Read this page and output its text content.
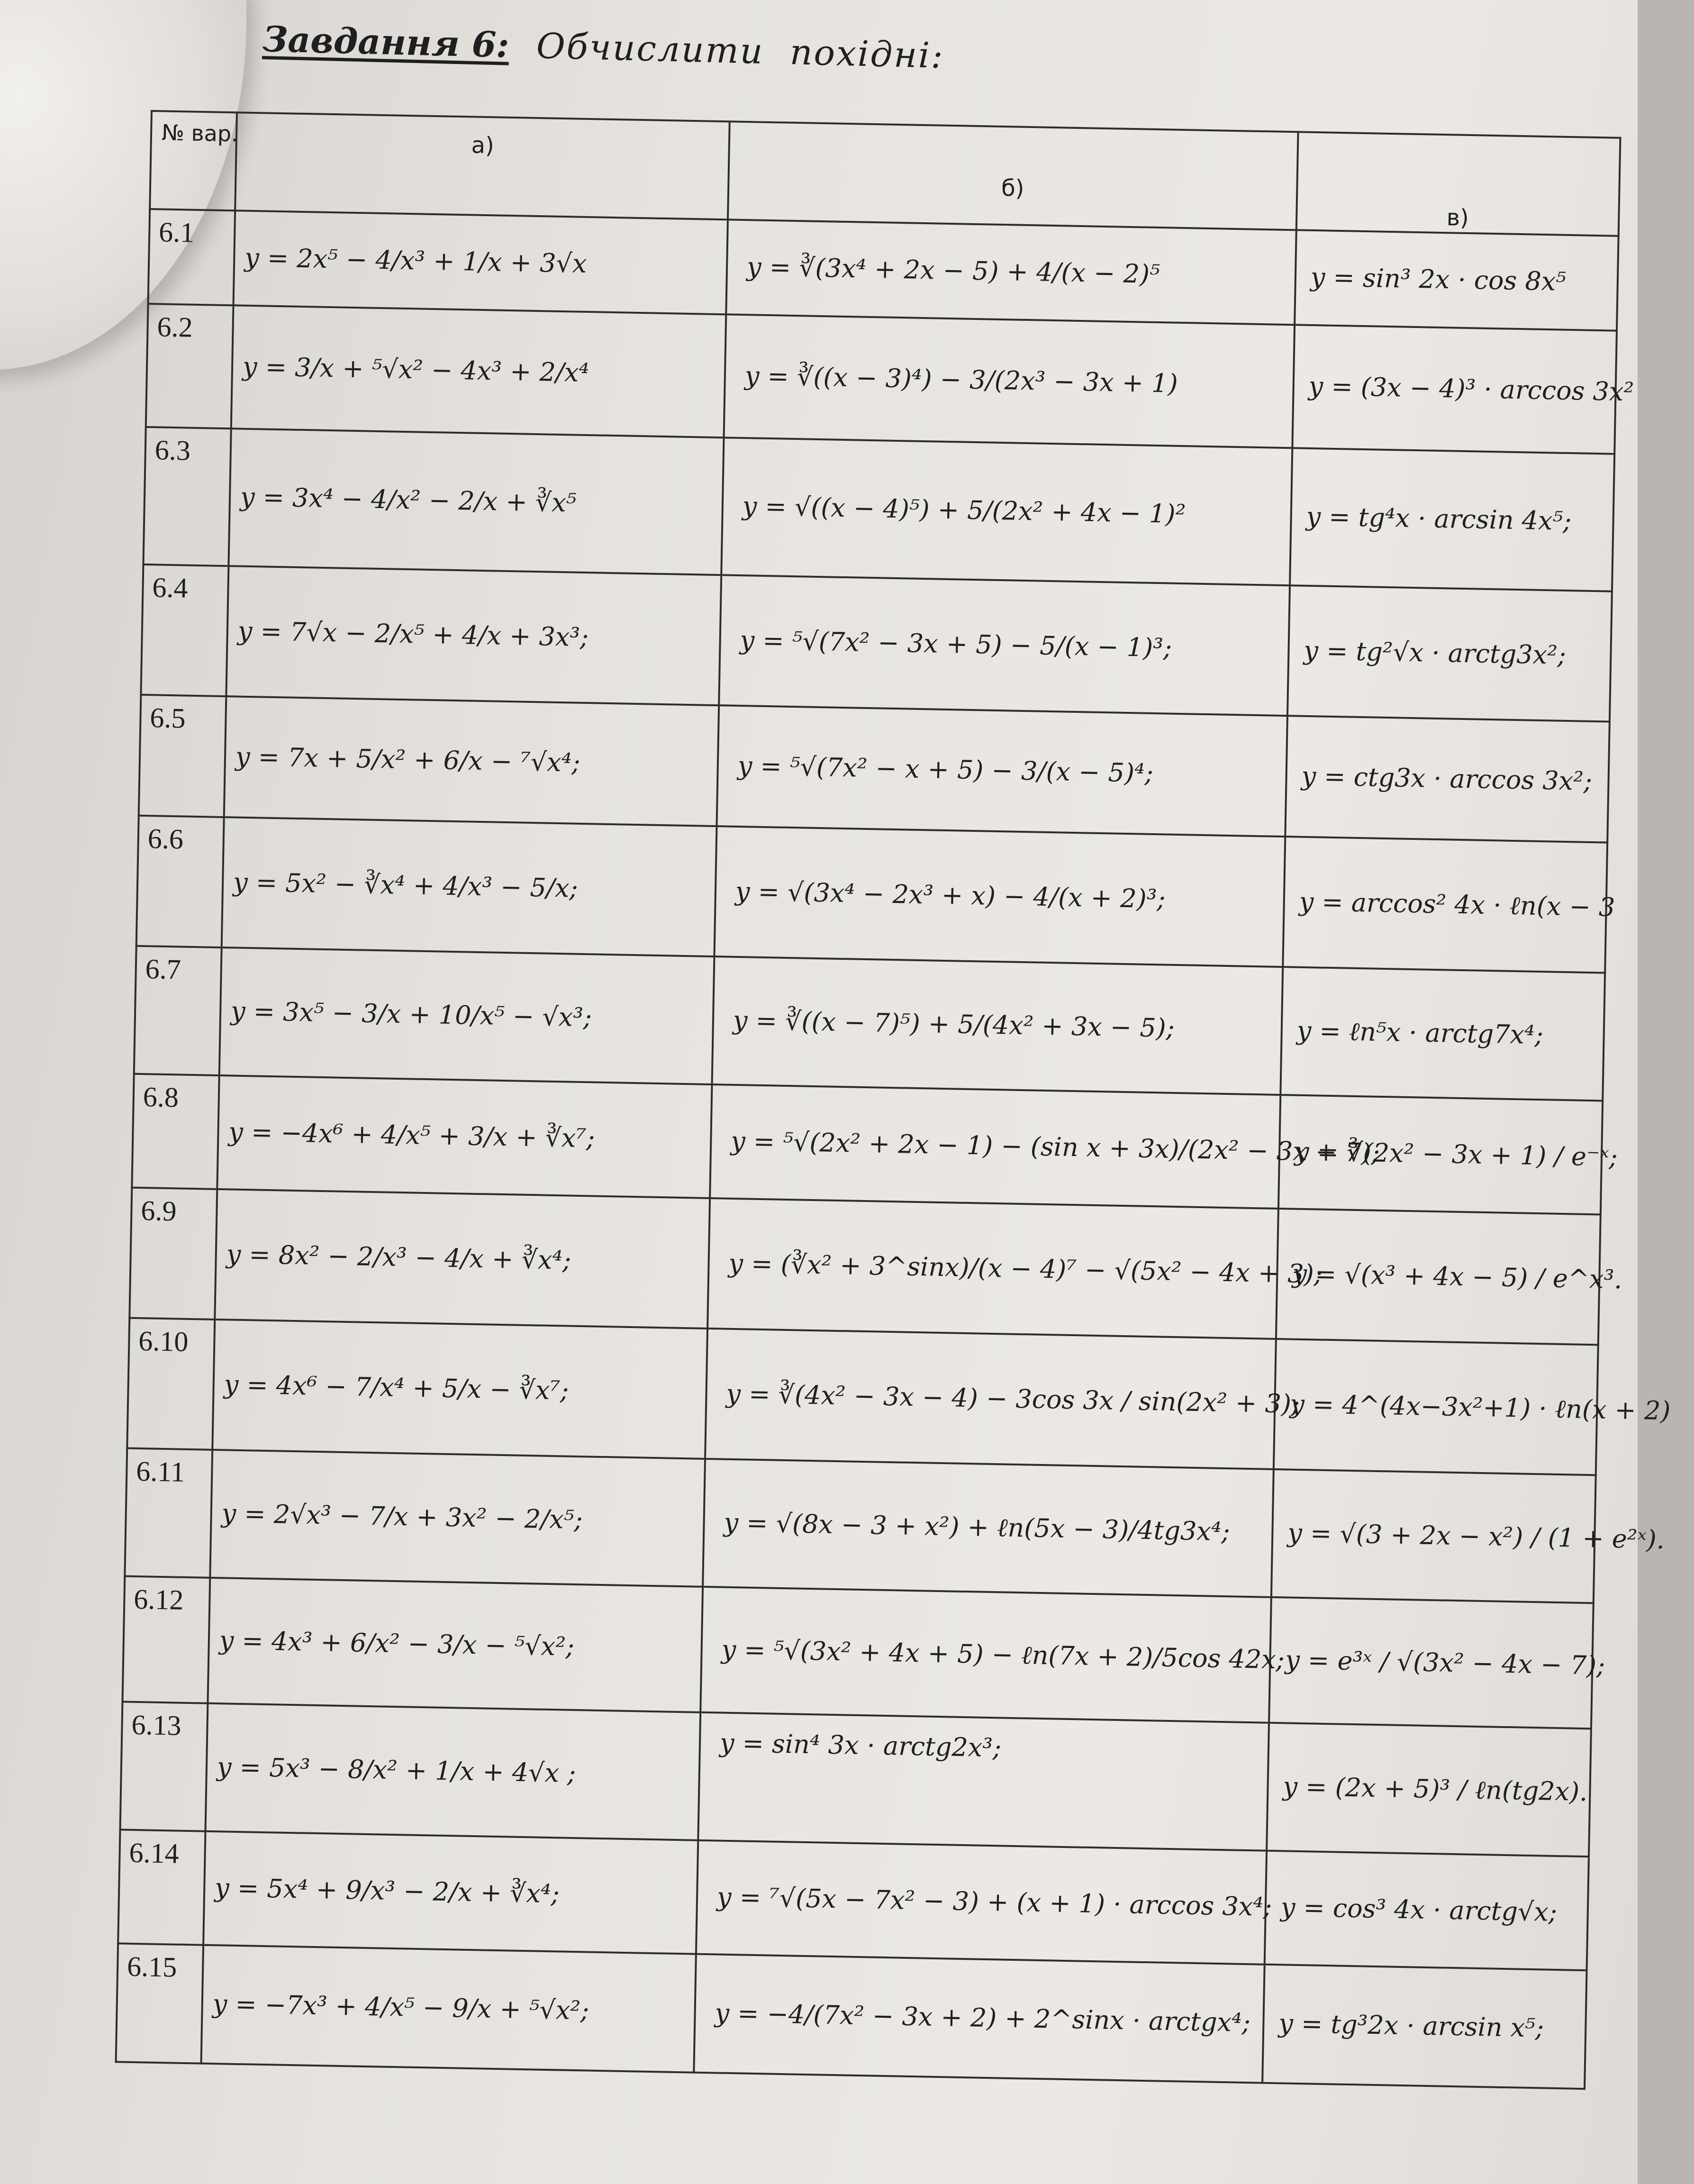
Завдання 6: Обчислити похідні:
№ вар.	а)	б)	в)
6.1	y = 2x⁵ − 4/x³ + 1/x + 3√x	y = ∛(3x⁴ + 2x − 5) + 4/(x − 2)⁵	y = sin³ 2x · cos 8x⁵
6.2	y = 3/x + ⁵√x² − 4x³ + 2/x⁴	y = ∛((x − 3)⁴) − 3/(2x³ − 3x + 1)	y = (3x − 4)³ · arccos 3x²
6.3	y = 3x⁴ − 4/x² − 2/x + ∛x⁵	y = √((x − 4)⁵) + 5/(2x² + 4x − 1)²	y = tg⁴x · arcsin 4x⁵;
6.4	y = 7√x − 2/x⁵ + 4/x + 3x³;	y = ⁵√(7x² − 3x + 5) − 5/(x − 1)³;	y = tg²√x · arctg3x²;
6.5	y = 7x + 5/x² + 6/x − ⁷√x⁴;	y = ⁵√(7x² − x + 5) − 3/(x − 5)⁴;	y = ctg3x · arccos 3x²;
6.6	y = 5x² − ∛x⁴ + 4/x³ − 5/x;	y = √(3x⁴ − 2x³ + x) − 4/(x + 2)³;	y = arccos² 4x · ℓn(x − 3
6.7	y = 3x⁵ − 3/x + 10/x⁵ − √x³;	y = ∛((x − 7)⁵) + 5/(4x² + 3x − 5);	y = ℓn⁵x · arctg7x⁴;
6.8	y = −4x⁶ + 4/x⁵ + 3/x + ∛x⁷;	y = ⁵√(2x² + 2x − 1) − (sin x + 3x)/(2x² − 3x + 7);	y = ∛(2x² − 3x + 1) / e⁻ˣ;
6.9	y = 8x² − 2/x³ − 4/x + ∛x⁴;	y = (∛x² + 3^sinx)/(x − 4)⁷ − √(5x² − 4x + 3);	y = √(x³ + 4x − 5) / e^x³.
6.10	y = 4x⁶ − 7/x⁴ + 5/x − ∛x⁷;	y = ∛(4x² − 3x − 4) − 3cos 3x / sin(2x² + 3);	y = 4^(4x−3x²+1) · ℓn(x + 2)
6.11	y = 2√x³ − 7/x + 3x² − 2/x⁵;	y = √(8x − 3 + x²) + ℓn(5x − 3)/4tg3x⁴;	y = √(3 + 2x − x²) / (1 + e²ˣ).
6.12	y = 4x³ + 6/x² − 3/x − ⁵√x²;	y = ⁵√(3x² + 4x + 5) − ℓn(7x + 2)/5cos 42x;	y = e³ˣ / √(3x² − 4x − 7);
6.13	y = 5x³ − 8/x² + 1/x + 4√x ;	y = sin⁴ 3x · arctg2x³;	y = (2x + 5)³ / ℓn(tg2x).
6.14	y = 5x⁴ + 9/x³ − 2/x + ∛x⁴;	y = ⁷√(5x − 7x² − 3) + (x + 1) · arccos 3x⁴;	y = cos³ 4x · arctg√x;
6.15	y = −7x³ + 4/x⁵ − 9/x + ⁵√x²;	y = −4/(7x² − 3x + 2) + 2^sinx · arctgx⁴;	y = tg³2x · arcsin x⁵;
